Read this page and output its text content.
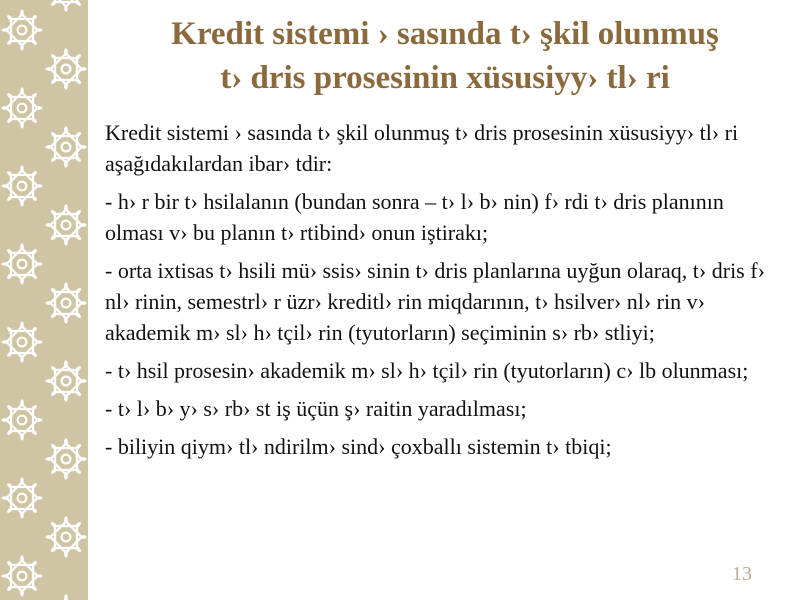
Kredit sistemi › sasında t› şkil olunmuş
t› dris prosesinin xüsusiyy› tl› ri

Kredit sistemi › sasında t› şkil olunmuş t› dris prosesinin xüsusiyy› tl› ri aşağıdakılardan ibar› tdir:

- h› r bir t› hsilalanın (bundan sonra – t› l› b› nin) f› rdi t› dris planının olması v› bu planın t› rtibind› onun iştirakı;

- orta ixtisas t› hsili mü› ssis› sinin t› dris planlarına uyğun olaraq, t› dris f› nl› rinin, semestrl› r üzr› kreditl› rin miqdarının, t› hsilver› nl› rin v› akademik m› sl› h› tçil› rin (tyutorların) seçiminin s› rb› stliyi;

- t› hsil prosesin› akademik m› sl› h› tçil› rin (tyutorların) c› lb olunması;

- t› l› b› y› s› rb› st iş üçün ş› raitin yaradılması;

- biliyin qiym› tl› ndirilm› sind› çoxballı sistemin t› tbiqi;

13
